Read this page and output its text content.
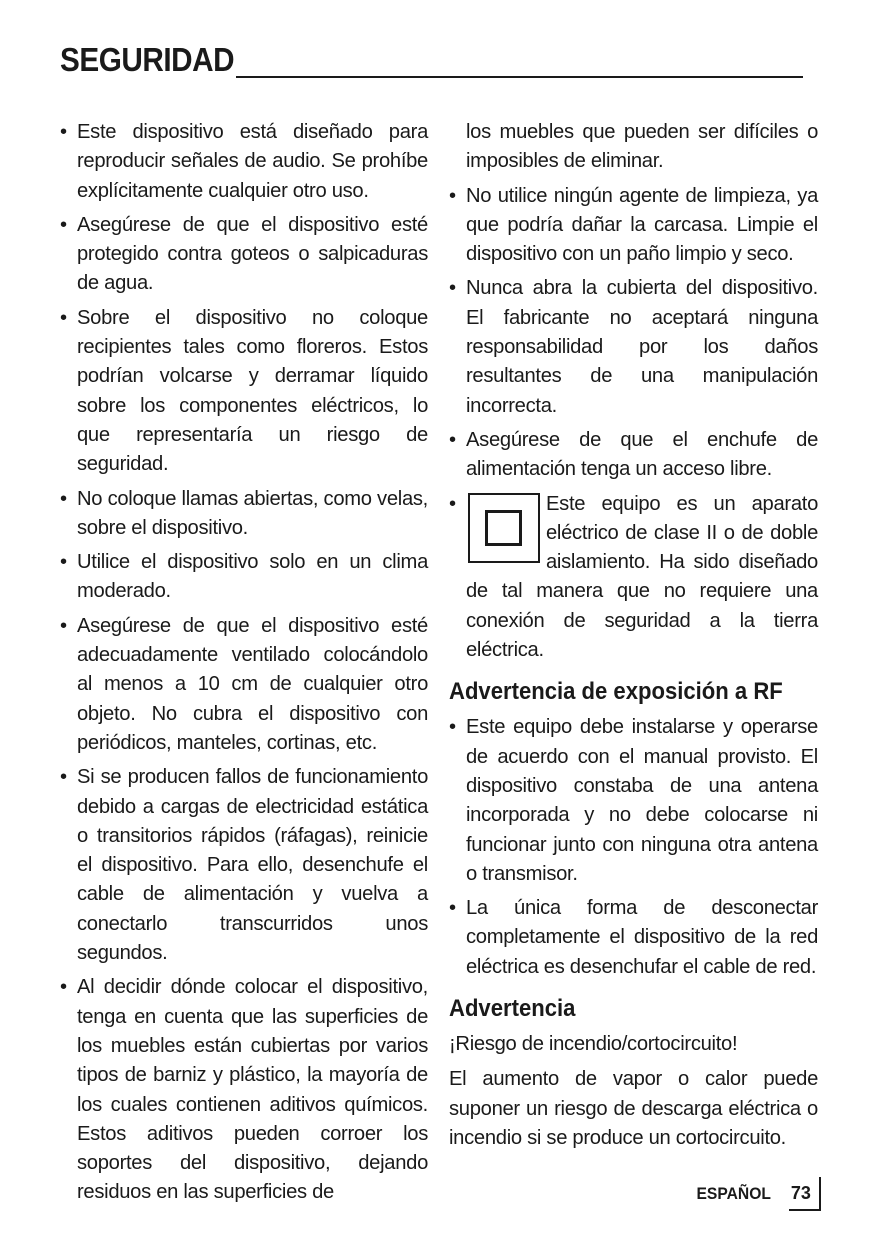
SEGURIDAD
• Este dispositivo está diseñado para reproducir señales de audio. Se prohíbe explícitamente cualquier otro uso.
• Asegúrese de que el dispositivo esté protegido contra goteos o salpicaduras de agua.
• Sobre el dispositivo no coloque recipientes tales como floreros. Estos podrían volcarse y derramar líquido sobre los componentes eléctricos, lo que representaría un riesgo de seguridad.
• No coloque llamas abiertas, como velas, sobre el dispositivo.
• Utilice el dispositivo solo en un clima moderado.
• Asegúrese de que el dispositivo esté adecuadamente ventilado colocándolo al menos a 10 cm de cualquier otro objeto. No cubra el dispositivo con periódicos, manteles, cortinas, etc.
• Si se producen fallos de funcionamiento debido a cargas de electricidad estática o transitorios rápidos (ráfagas), reinicie el dispositivo. Para ello, desenchufe el cable de alimentación y vuelva a conectarlo transcurridos unos segundos.
• Al decidir dónde colocar el dispositivo, tenga en cuenta que las superficies de los muebles están cubiertas por varios tipos de barniz y plástico, la mayoría de los cuales contienen aditivos químicos. Estos aditivos pueden corroer los soportes del dispositivo, dejando residuos en las superficies de
los muebles que pueden ser difíciles o imposibles de eliminar.
• No utilice ningún agente de limpieza, ya que podría dañar la carcasa. Limpie el dispositivo con un paño limpio y seco.
• Nunca abra la cubierta del dispositivo. El fabricante no aceptará ninguna responsabilidad por los daños resultantes de una manipulación incorrecta.
• Asegúrese de que el enchufe de alimentación tenga un acceso libre.
• Este equipo es un aparato eléctrico de clase II o de doble aislamiento. Ha sido diseñado de tal manera que no requiere una conexión de seguridad a la tierra eléctrica.
Advertencia de exposición a RF
• Este equipo debe instalarse y operarse de acuerdo con el manual provisto. El dispositivo constaba de una antena incorporada y no debe colocarse ni funcionar junto con ninguna otra antena o transmisor.
• La única forma de desconectar completamente el dispositivo de la red eléctrica es desenchufar el cable de red.
Advertencia

¡Riesgo de incendio/cortocircuito!

El aumento de vapor o calor puede suponer un riesgo de descarga eléctrica o incendio si se produce un cortocircuito.

ESPAÑOL 73
